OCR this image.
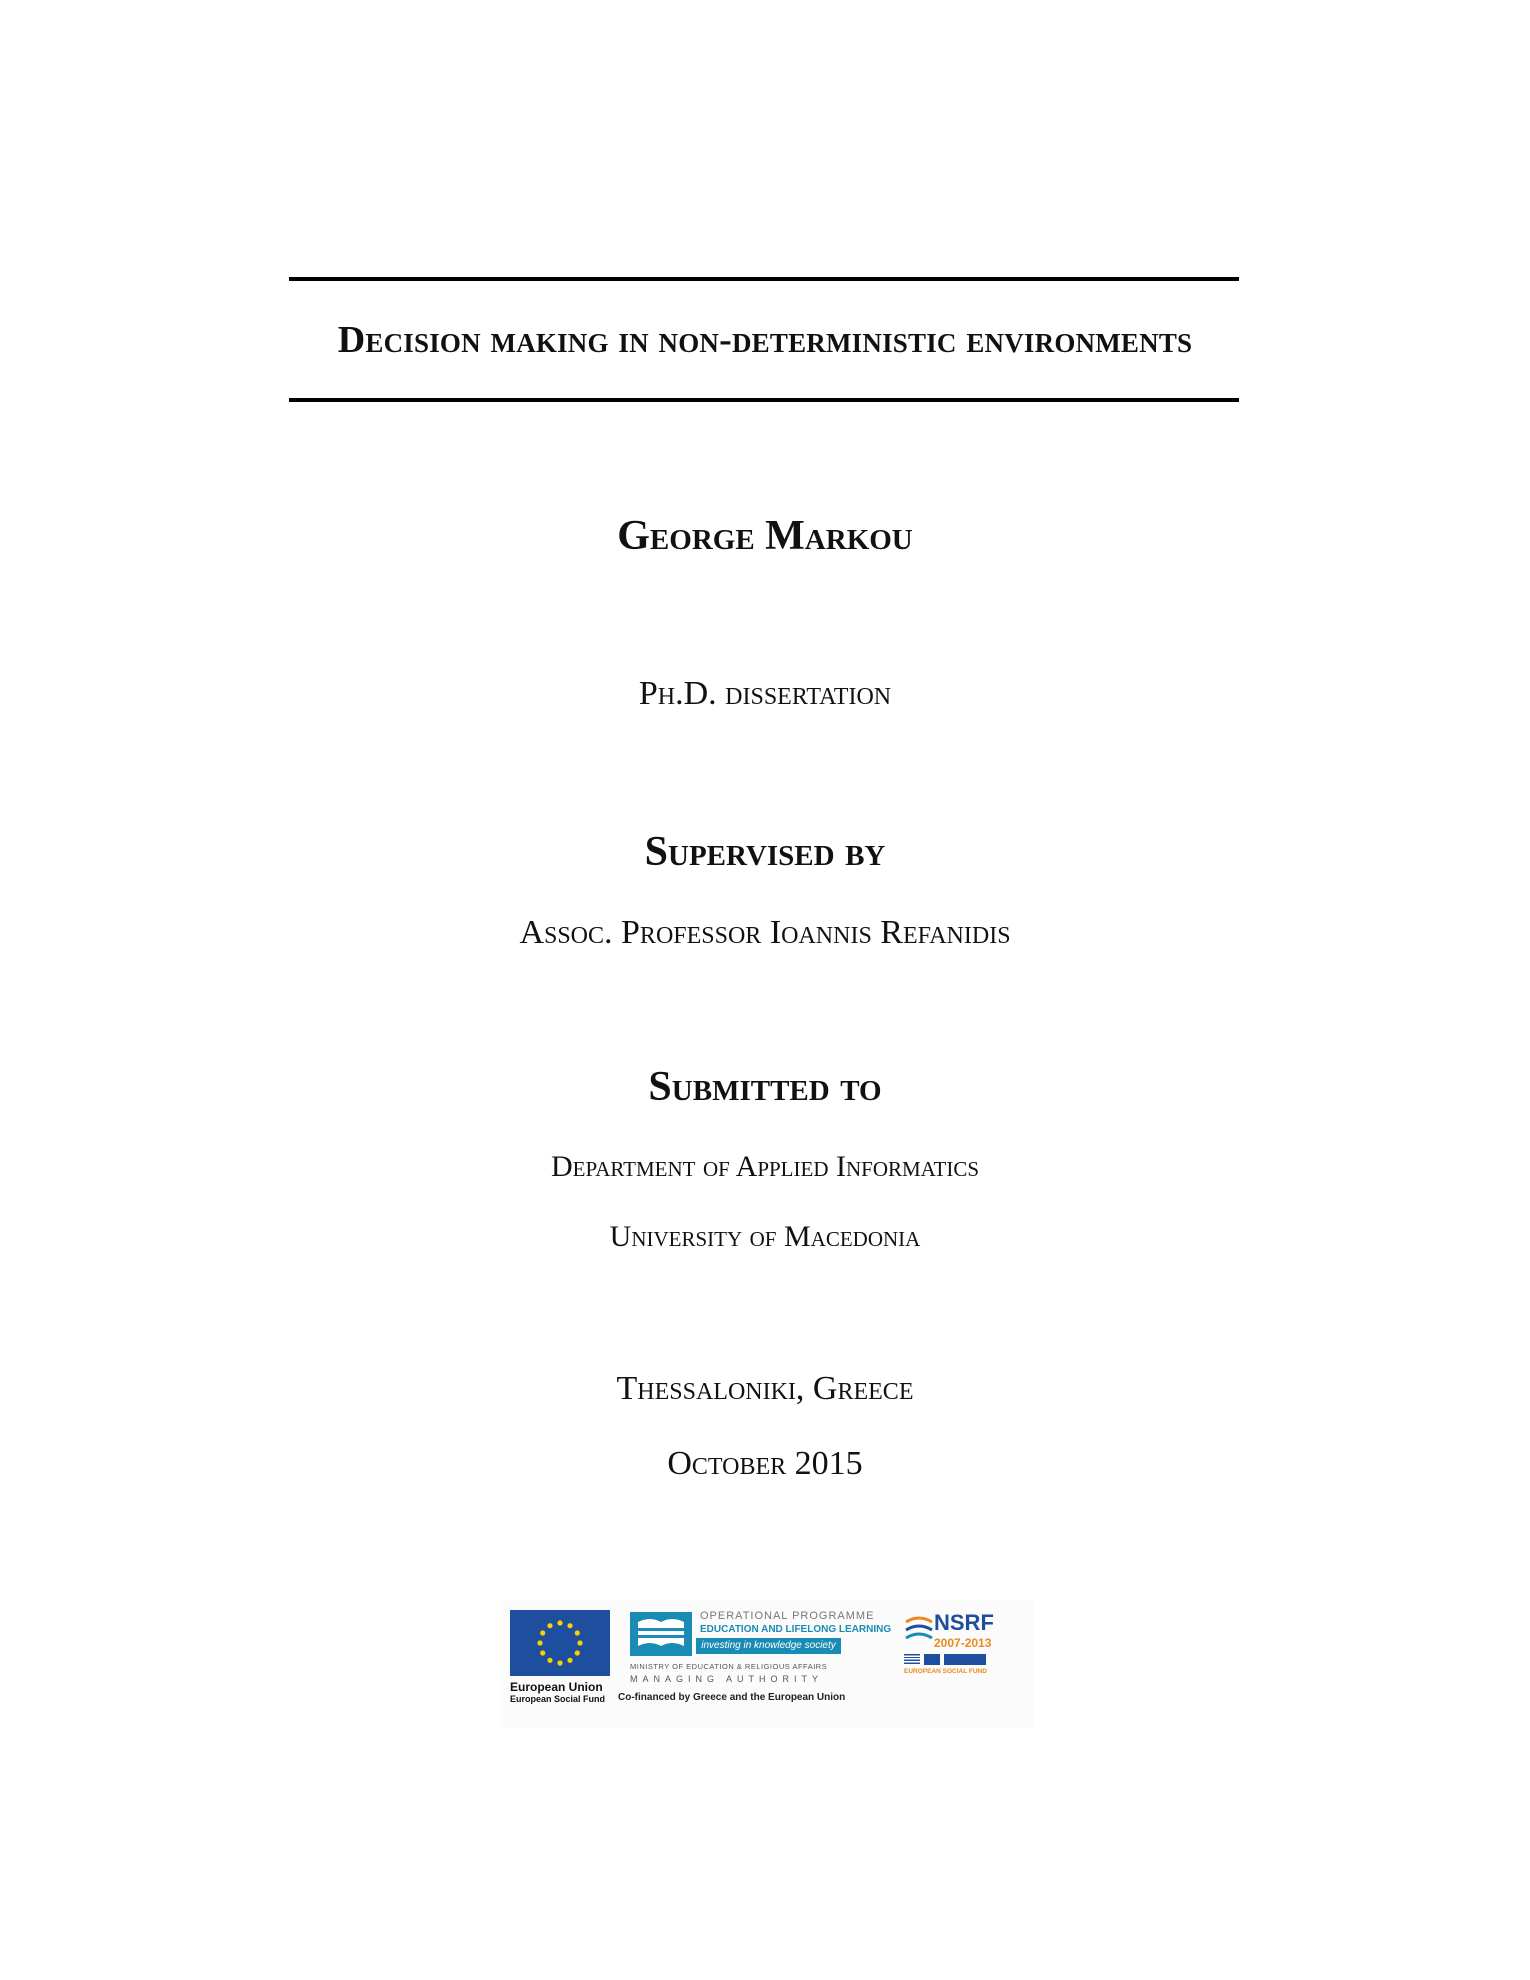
Decision making in non-deterministic environments
George Markou
Ph.D. dissertation
Supervised by
Assoc. Professor Ioannis Refanidis
Submitted to
Department of Applied Informatics
University of Macedonia
Thessaloniki, Greece
October 2015
European Union
European Social Fund
OPERATIONAL PROGRAMME
EDUCATION AND LIFELONG LEARNING
investing in knowledge society
MINISTRY OF EDUCATION & RELIGIOUS AFFAIRS
MANAGING AUTHORITY
Co-financed by Greece and the European Union
NSRF
2007-2013
EUROPEAN SOCIAL FUND
